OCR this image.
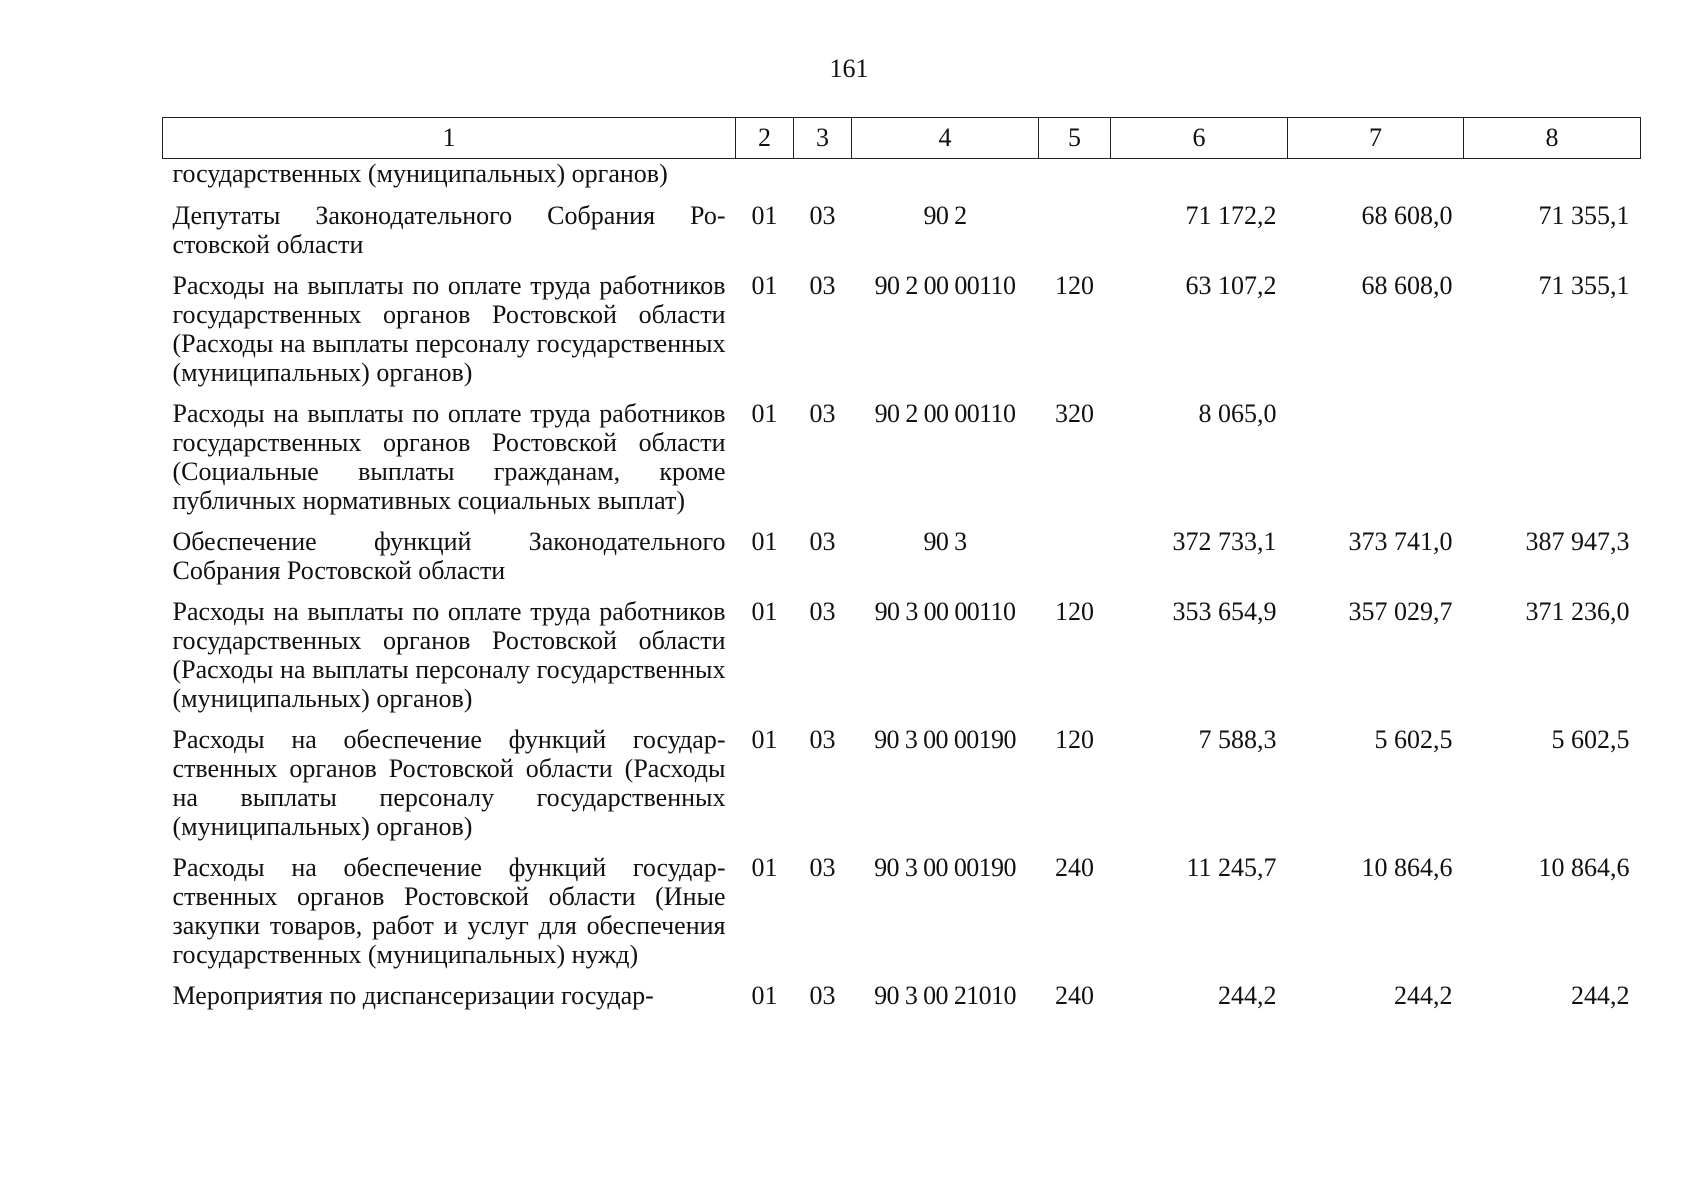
161
1	2	3	4	5	6	7	8
государственных (муниципальных) органов)							
Депутаты Законодательного Собрания Ростовской области	01	03	90 2		71 172,2	68 608,0	71 355,1
Расходы на выплаты по оплате труда работников государственных органов Ростовской области (Расходы на выплаты персоналу государственных (муниципальных) органов)	01	03	90 2 00 00110	120	63 107,2	68 608,0	71 355,1
Расходы на выплаты по оплате труда работников государственных органов Ростовской области (Социальные выплаты гражданам, кроме публичных нормативных социальных выплат)	01	03	90 2 00 00110	320	8 065,0		
Обеспечение функций Законодательного Собрания Ростовской области	01	03	90 3		372 733,1	373 741,0	387 947,3
Расходы на выплаты по оплате труда работников государственных органов Ростовской области (Расходы на выплаты персоналу государственных (муниципальных) органов)	01	03	90 3 00 00110	120	353 654,9	357 029,7	371 236,0
Расходы на обеспечение функций государственных органов Ростовской области (Расходы на выплаты персоналу государственных (муниципальных) органов)	01	03	90 3 00 00190	120	7 588,3	5 602,5	5 602,5
Расходы на обеспечение функций государственных органов Ростовской области (Иные закупки товаров, работ и услуг для обеспечения государственных (муниципальных) нужд)	01	03	90 3 00 00190	240	11 245,7	10 864,6	10 864,6
Мероприятия по диспансеризации государ-	01	03	90 3 00 21010	240	244,2	244,2	244,2
